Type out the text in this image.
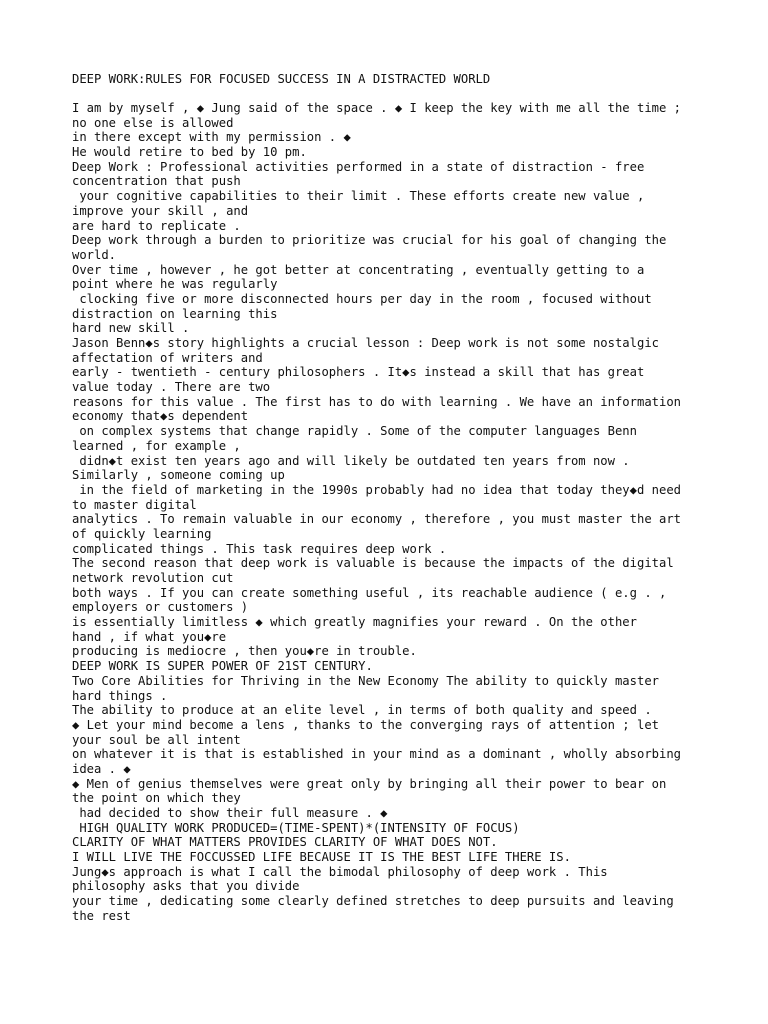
DEEP WORK:RULES FOR FOCUSED SUCCESS IN A DISTRACTED WORLD
I am by myself , ◆ Jung said of the space . ◆ I keep the key with me all the time ;
no one else is allowed
in there except with my permission . ◆
He would retire to bed by 10 pm.
Deep Work : Professional activities performed in a state of distraction - free
concentration that push
your cognitive capabilities to their limit . These efforts create new value ,
improve your skill , and
are hard to replicate .
Deep work through a burden to prioritize was crucial for his goal of changing the
world.
Over time , however , he got better at concentrating , eventually getting to a
point where he was regularly
clocking five or more disconnected hours per day in the room , focused without
distraction on learning this
hard new skill .
Jason Benn◆s story highlights a crucial lesson : Deep work is not some nostalgic
affectation of writers and
early - twentieth - century philosophers . It◆s instead a skill that has great
value today . There are two
reasons for this value . The first has to do with learning . We have an information
economy that◆s dependent
on complex systems that change rapidly . Some of the computer languages Benn
learned , for example ,
didn◆t exist ten years ago and will likely be outdated ten years from now .
Similarly , someone coming up
in the field of marketing in the 1990s probably had no idea that today they◆d need
to master digital
analytics . To remain valuable in our economy , therefore , you must master the art
of quickly learning
complicated things . This task requires deep work .
The second reason that deep work is valuable is because the impacts of the digital
network revolution cut
both ways . If you can create something useful , its reachable audience ( e.g . ,
employers or customers )
is essentially limitless ◆ which greatly magnifies your reward . On the other
hand , if what you◆re
producing is mediocre , then you◆re in trouble.
DEEP WORK IS SUPER POWER OF 21ST CENTURY.
Two Core Abilities for Thriving in the New Economy The ability to quickly master
hard things .
The ability to produce at an elite level , in terms of both quality and speed .
◆ Let your mind become a lens , thanks to the converging rays of attention ; let
your soul be all intent
on whatever it is that is established in your mind as a dominant , wholly absorbing
idea . ◆
◆ Men of genius themselves were great only by bringing all their power to bear on
the point on which they
had decided to show their full measure . ◆
HIGH QUALITY WORK PRODUCED=(TIME-SPENT)*(INTENSITY OF FOCUS)
CLARITY OF WHAT MATTERS PROVIDES CLARITY OF WHAT DOES NOT.
I WILL LIVE THE FOCCUSSED LIFE BECAUSE IT IS THE BEST LIFE THERE IS.
Jung◆s approach is what I call the bimodal philosophy of deep work . This
philosophy asks that you divide
your time , dedicating some clearly defined stretches to deep pursuits and leaving
the rest
